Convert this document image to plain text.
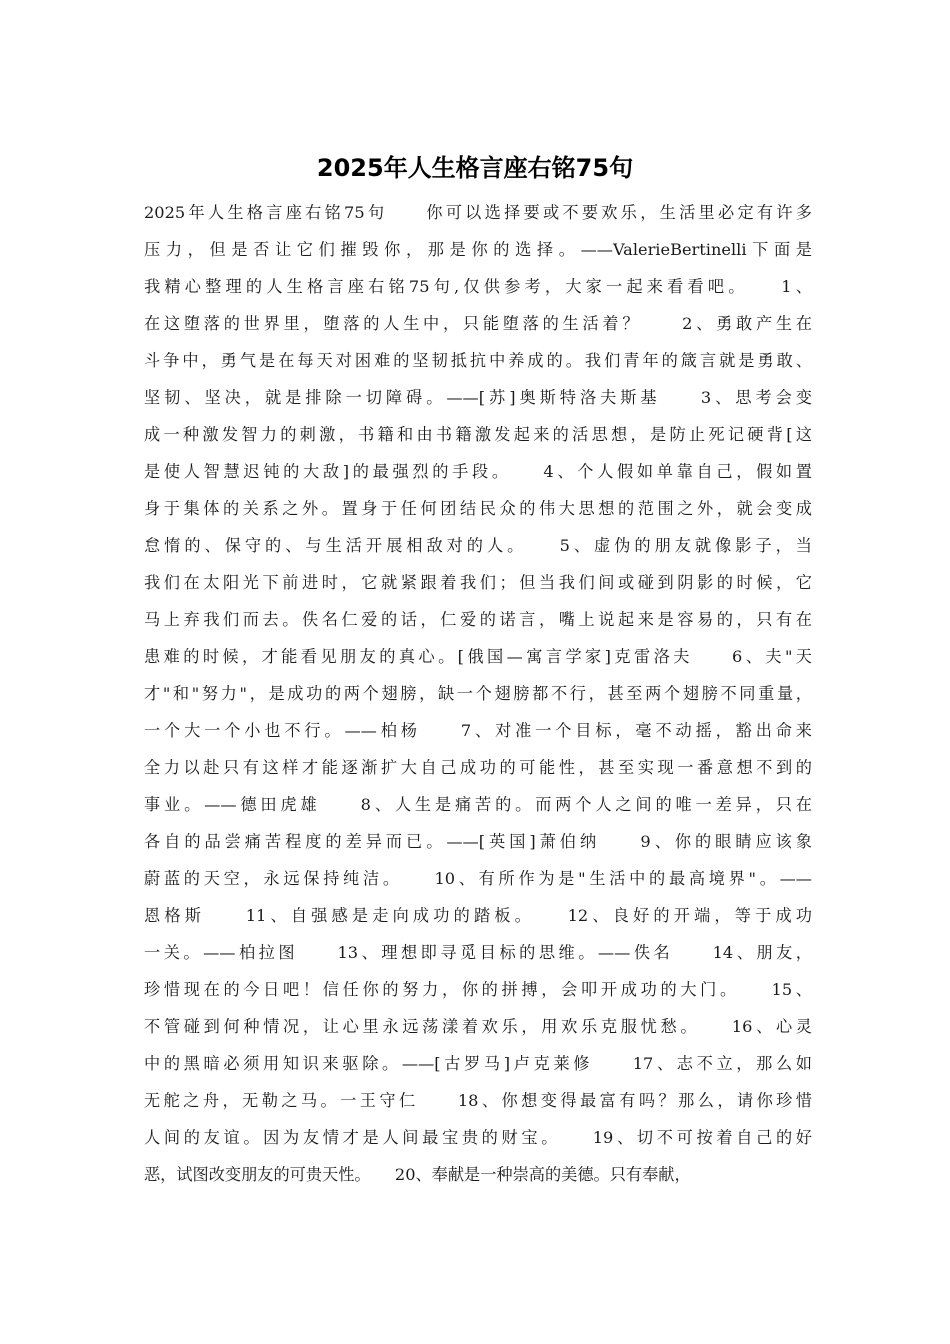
2025年人生格言座右铭75句
2025年人生格言座右铭75句　　你可以选择要或不要欢乐，生活里必定有许多
压力，但是否让它们摧毁你，那是你的选择。——ValerieBertinelli下面是
我精心整理的人生格言座右铭75句,仅供参考，大家一起来看看吧。　　1、
在这堕落的世界里，堕落的人生中，只能堕落的生活着？　　2、勇敢产生在
斗争中，勇气是在每天对困难的坚韧抵抗中养成的。我们青年的箴言就是勇敢、
坚韧、坚决，就是排除一切障碍。——[苏]奥斯特洛夫斯基　　3、思考会变
成一种激发智力的刺激，书籍和由书籍激发起来的活思想，是防止死记硬背[这
是使人智慧迟钝的大敌]的最强烈的手段。　　4、个人假如单靠自己，假如置
身于集体的关系之外。置身于任何团结民众的伟大思想的范围之外，就会变成
怠惰的、保守的、与生活开展相敌对的人。　　5、虚伪的朋友就像影子，当
我们在太阳光下前进时，它就紧跟着我们；但当我们间或碰到阴影的时候，它
马上弃我们而去。佚名仁爱的话，仁爱的诺言，嘴上说起来是容易的，只有在
患难的时候，才能看见朋友的真心。[俄国—寓言学家]克雷洛夫　　6、夫"天
才"和"努力"，是成功的两个翅膀，缺一个翅膀都不行，甚至两个翅膀不同重量，
一个大一个小也不行。——柏杨　　7、对准一个目标，毫不动摇，豁出命来
全力以赴只有这样才能逐渐扩大自己成功的可能性，甚至实现一番意想不到的
事业。——德田虎雄　　8、人生是痛苦的。而两个人之间的唯一差异，只在
各自的品尝痛苦程度的差异而已。——[英国]萧伯纳　　9、你的眼睛应该象
蔚蓝的天空，永远保持纯洁。　　10、有所作为是"生活中的最高境界"。——
恩格斯　　11、自强感是走向成功的踏板。　　12、良好的开端，等于成功
一关。——柏拉图　　13、理想即寻觅目标的思维。——佚名　　14、朋友，
珍惜现在的今日吧！信任你的努力，你的拼搏，会叩开成功的大门。　　15、
不管碰到何种情况，让心里永远荡漾着欢乐，用欢乐克服忧愁。　　16、心灵
中的黑暗必须用知识来驱除。——[古罗马]卢克莱修　　17、志不立，那么如
无舵之舟，无勒之马。一王守仁　　18、你想变得最富有吗？那么，请你珍惜
人间的友谊。因为友情才是人间最宝贵的财宝。　　19、切不可按着自己的好
恶，试图改变朋友的可贵天性。　　20、奉献是一种崇高的美德。只有奉献，
